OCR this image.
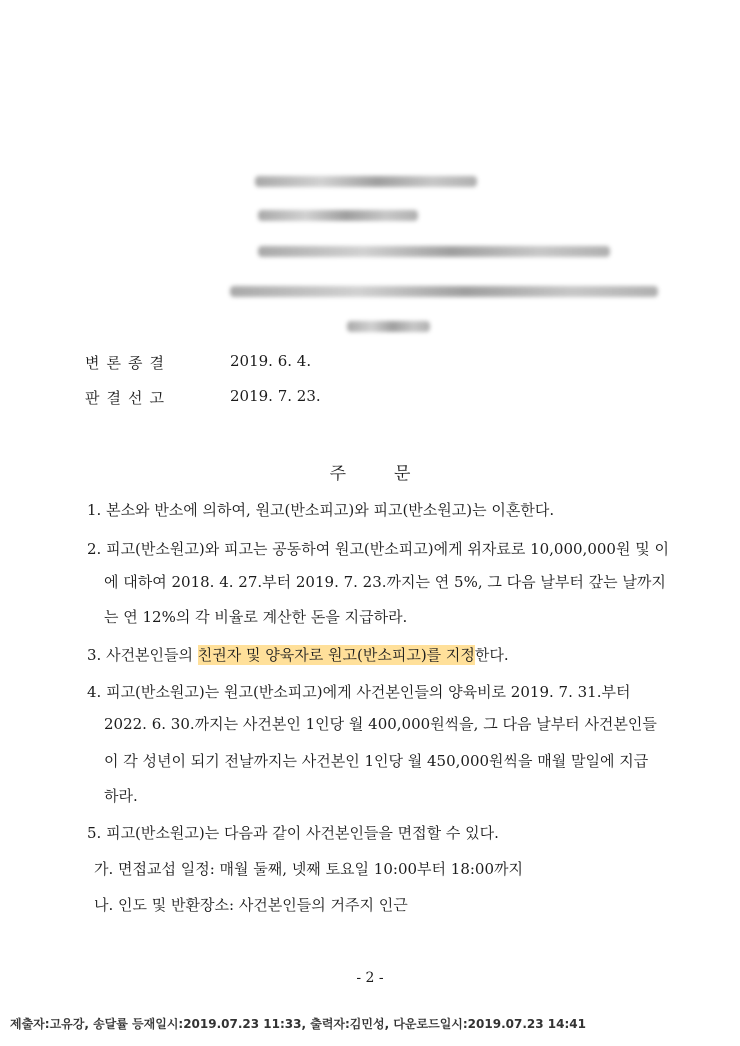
변론종결	2019. 6. 4.
판결선고	2019. 7. 23.
주문
1. 본소와 반소에 의하여, 원고(반소피고)와 피고(반소원고)는 이혼한다.
2. 피고(반소원고)와 피고는 공동하여 원고(반소피고)에게 위자료로 10,000,000원 및 이
에 대하여 2018. 4. 27.부터 2019. 7. 23.까지는 연 5%, 그 다음 날부터 갚는 날까지
는 연 12%의 각 비율로 계산한 돈을 지급하라.
3. 사건본인들의 친권자 및 양육자로 원고(반소피고)를 지정한다.
4. 피고(반소원고)는 원고(반소피고)에게 사건본인들의 양육비로 2019. 7. 31.부터
2022. 6. 30.까지는 사건본인 1인당 월 400,000원씩을, 그 다음 날부터 사건본인들
이 각 성년이 되기 전날까지는 사건본인 1인당 월 450,000원씩을 매월 말일에 지급
하라.
5. 피고(반소원고)는 다음과 같이 사건본인들을 면접할 수 있다.
가. 면접교섭 일정: 매월 둘째, 넷째 토요일 10:00부터 18:00까지
나. 인도 및 반환장소: 사건본인들의 거주지 인근
- 2 -
제출자:고유강, 송달률 등재일시:2019.07.23 11:33, 출력자:김민성, 다운로드일시:2019.07.23 14:41
